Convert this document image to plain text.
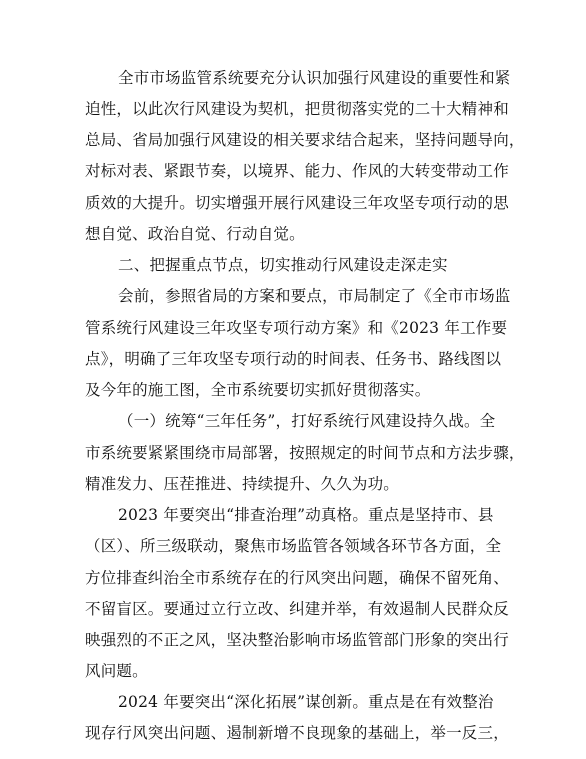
全市市场监管系统要充分认识加强行风建设的重要性和紧
迫性，以此次行风建设为契机，把贯彻落实党的二十大精神和
总局、省局加强行风建设的相关要求结合起来，坚持问题导向，
对标对表、紧跟节奏，以境界、能力、作风的大转变带动工作
质效的大提升。切实增强开展行风建设三年攻坚专项行动的思
想自觉、政治自觉、行动自觉。
二、把握重点节点，切实推动行风建设走深走实
会前，参照省局的方案和要点，市局制定了《全市市场监
管系统行风建设三年攻坚专项行动方案》和《2023 年工作要
点》，明确了三年攻坚专项行动的时间表、任务书、路线图以
及今年的施工图，全市系统要切实抓好贯彻落实。
（一）统筹“三年任务”，打好系统行风建设持久战。全
市系统要紧紧围绕市局部署，按照规定的时间节点和方法步骤，
精准发力、压茬推进、持续提升、久久为功。
2023 年要突出“排查治理”动真格。重点是坚持市、县
（区）、所三级联动，聚焦市场监管各领域各环节各方面，全
方位排查纠治全市系统存在的行风突出问题，确保不留死角、
不留盲区。要通过立行立改、纠建并举，有效遏制人民群众反
映强烈的不正之风，坚决整治影响市场监管部门形象的突出行
风问题。
2024 年要突出“深化拓展”谋创新。重点是在有效整治
现存行风突出问题、遏制新增不良现象的基础上，举一反三，
